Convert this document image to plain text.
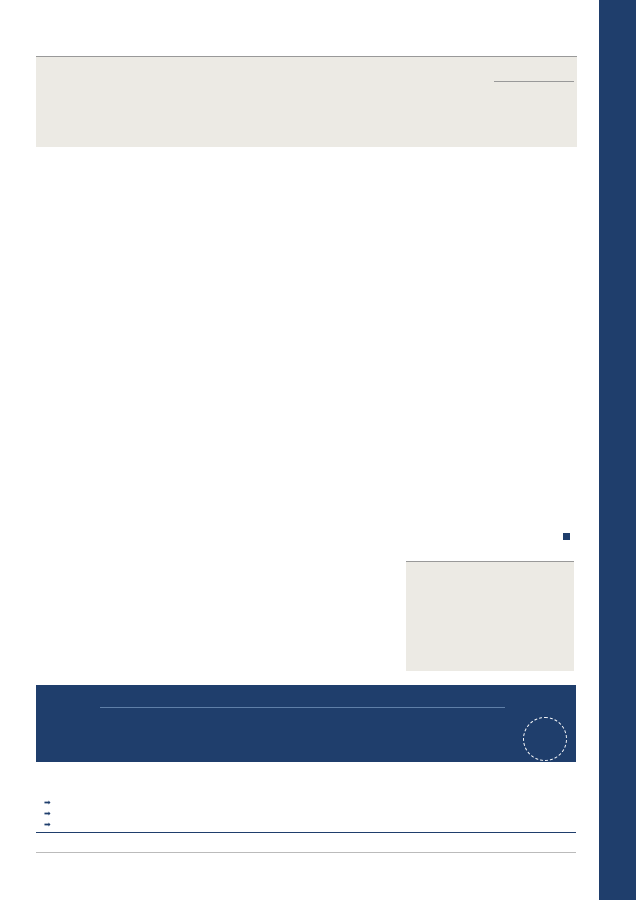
➡
➡
➡
